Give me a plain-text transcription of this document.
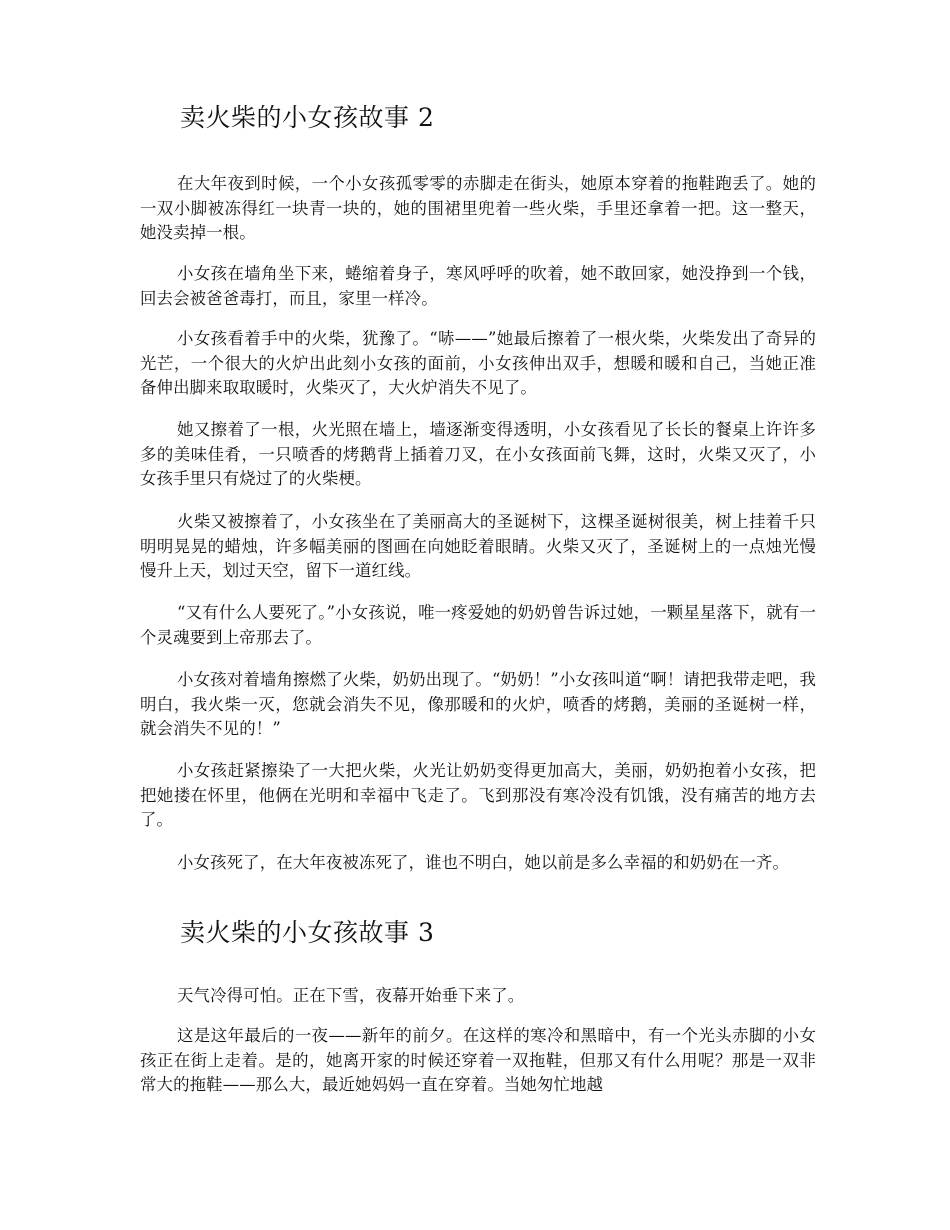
卖火柴的小女孩故事 2

在大年夜到时候，一个小女孩孤零零的赤脚走在街头，她原本穿着的拖鞋跑丢了。她的一双小脚被冻得红一块青一块的，她的围裙里兜着一些火柴，手里还拿着一把。这一整天，她没卖掉一根。

小女孩在墙角坐下来，蜷缩着身子，寒风呼呼的吹着，她不敢回家，她没挣到一个钱，回去会被爸爸毒打，而且，家里一样冷。

小女孩看着手中的火柴，犹豫了。“哧——”她最后擦着了一根火柴，火柴发出了奇异的光芒，一个很大的火炉出此刻小女孩的面前，小女孩伸出双手，想暖和暖和自己，当她正准备伸出脚来取取暖时，火柴灭了，大火炉消失不见了。

她又擦着了一根，火光照在墙上，墙逐渐变得透明，小女孩看见了长长的餐桌上许许多多的美味佳肴，一只喷香的烤鹅背上插着刀叉，在小女孩面前飞舞，这时，火柴又灭了，小女孩手里只有烧过了的火柴梗。

火柴又被擦着了，小女孩坐在了美丽高大的圣诞树下，这棵圣诞树很美，树上挂着千只明明晃晃的蜡烛，许多幅美丽的图画在向她眨着眼睛。火柴又灭了，圣诞树上的一点烛光慢慢升上天，划过天空，留下一道红线。

“又有什么人要死了。”小女孩说，唯一疼爱她的奶奶曾告诉过她，一颗星星落下，就有一个灵魂要到上帝那去了。

小女孩对着墙角擦燃了火柴，奶奶出现了。“奶奶！”小女孩叫道“啊！请把我带走吧，我明白，我火柴一灭，您就会消失不见，像那暖和的火炉，喷香的烤鹅，美丽的圣诞树一样，就会消失不见的！”

小女孩赶紧擦染了一大把火柴，火光让奶奶变得更加高大，美丽，奶奶抱着小女孩，把把她搂在怀里，他俩在光明和幸福中飞走了。飞到那没有寒冷没有饥饿，没有痛苦的地方去了。

小女孩死了，在大年夜被冻死了，谁也不明白，她以前是多么幸福的和奶奶在一齐。

卖火柴的小女孩故事 3

天气冷得可怕。正在下雪，夜幕开始垂下来了。

这是这年最后的一夜——新年的前夕。在这样的寒冷和黑暗中，有一个光头赤脚的小女孩正在街上走着。是的，她离开家的时候还穿着一双拖鞋，但那又有什么用呢？那是一双非常大的拖鞋——那么大，最近她妈妈一直在穿着。当她匆忙地越
